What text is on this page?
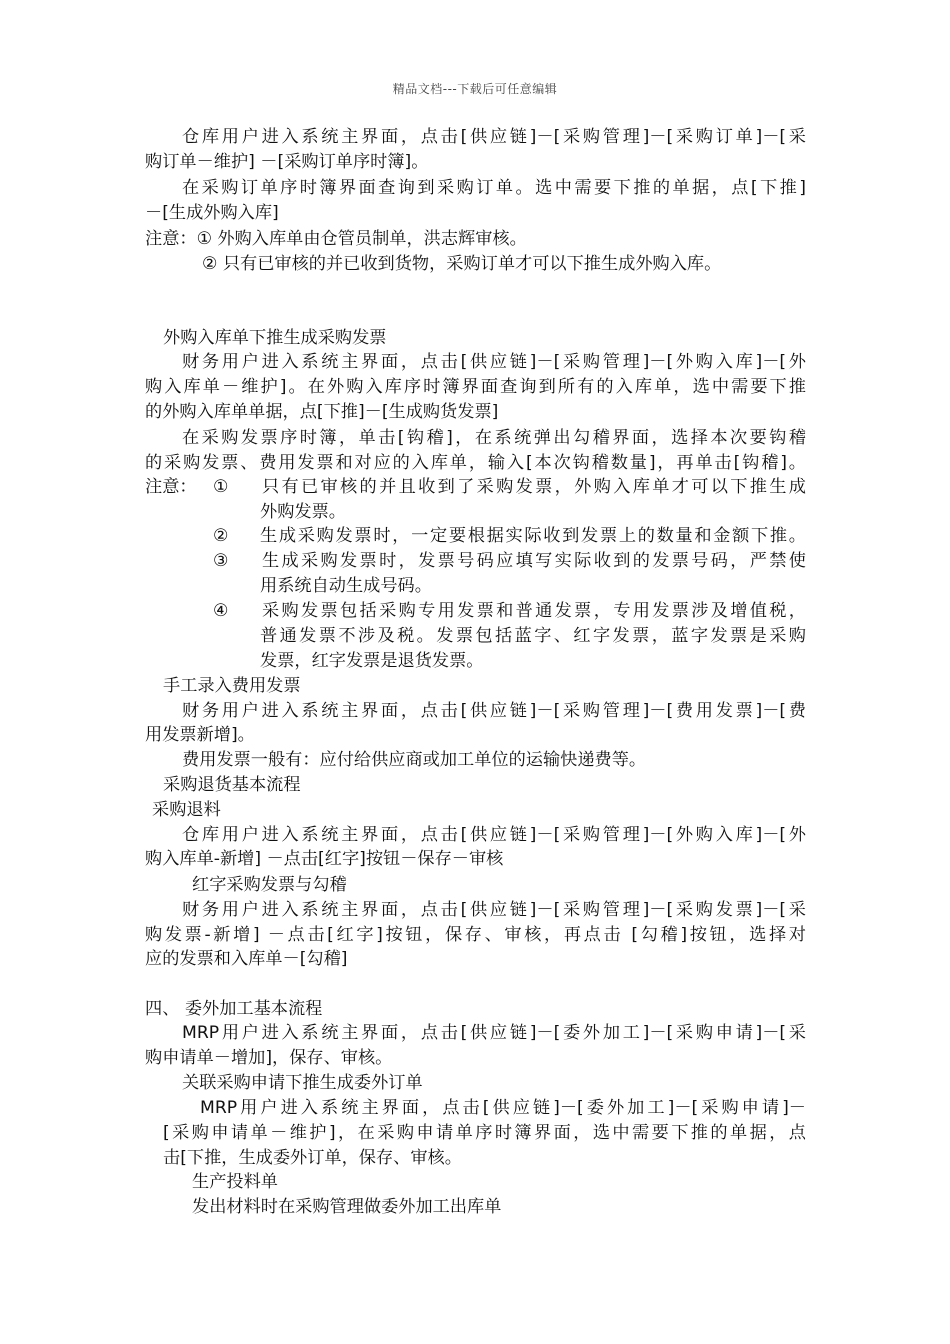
精品文档---下载后可任意编辑
仓库用户进入系统主界面，点击[供应链]－[采购管理]－[采购订单]－[采
购订单－维护] －[采购订单序时簿]。
在采购订单序时簿界面查询到采购订单。选中需要下推的单据，点[下推]
－[生成外购入库]
注意：① 外购入库单由仓管员制单，洪志辉审核。
② 只有已审核的并已收到货物，采购订单才可以下推生成外购入库。
外购入库单下推生成采购发票
财务用户进入系统主界面，点击[供应链]－[采购管理]－[外购入库]－[外
购入库单－维护]。在外购入库序时簿界面查询到所有的入库单，选中需要下推
的外购入库单单据，点[下推]－[生成购货发票]
在采购发票序时簿，单击[钩稽]，在系统弹出勾稽界面，选择本次要钩稽
的采购发票、费用发票和对应的入库单，输入[本次钩稽数量]，再单击[钩稽]。
注意： ① 只有已审核的并且收到了采购发票，外购入库单才可以下推生成
外购发票。
② 生成采购发票时，一定要根据实际收到发票上的数量和金额下推。
③ 生成采购发票时，发票号码应填写实际收到的发票号码，严禁使
用系统自动生成号码。
④ 采购发票包括采购专用发票和普通发票，专用发票涉及增值税，
普通发票不涉及税。发票包括蓝字、红字发票，蓝字发票是采购
发票，红字发票是退货发票。
手工录入费用发票
财务用户进入系统主界面，点击[供应链]－[采购管理]－[费用发票]－[费
用发票新增]。
费用发票一般有：应付给供应商或加工单位的运输快递费等。
采购退货基本流程
采购退料
仓库用户进入系统主界面，点击[供应链]－[采购管理]－[外购入库]－[外
购入库单-新增] －点击[红字]按钮－保存－审核
红字采购发票与勾稽
财务用户进入系统主界面，点击[供应链]－[采购管理]－[采购发票]－[采
购发票-新增] －点击[红字]按钮，保存、审核，再点击 [勾稽]按钮，选择对
应的发票和入库单－[勾稽]
四、 委外加工基本流程
MRP用户进入系统主界面，点击[供应链]－[委外加工]－[采购申请]－[采
购申请单－增加]，保存、审核。
关联采购申请下推生成委外订单
MRP用户进入系统主界面，点击[供应链]－[委外加工]－[采购申请]－
[采购申请单－维护]，在采购申请单序时簿界面，选中需要下推的单据，点
击[下推，生成委外订单，保存、审核。
生产投料单
发出材料时在采购管理做委外加工出库单
